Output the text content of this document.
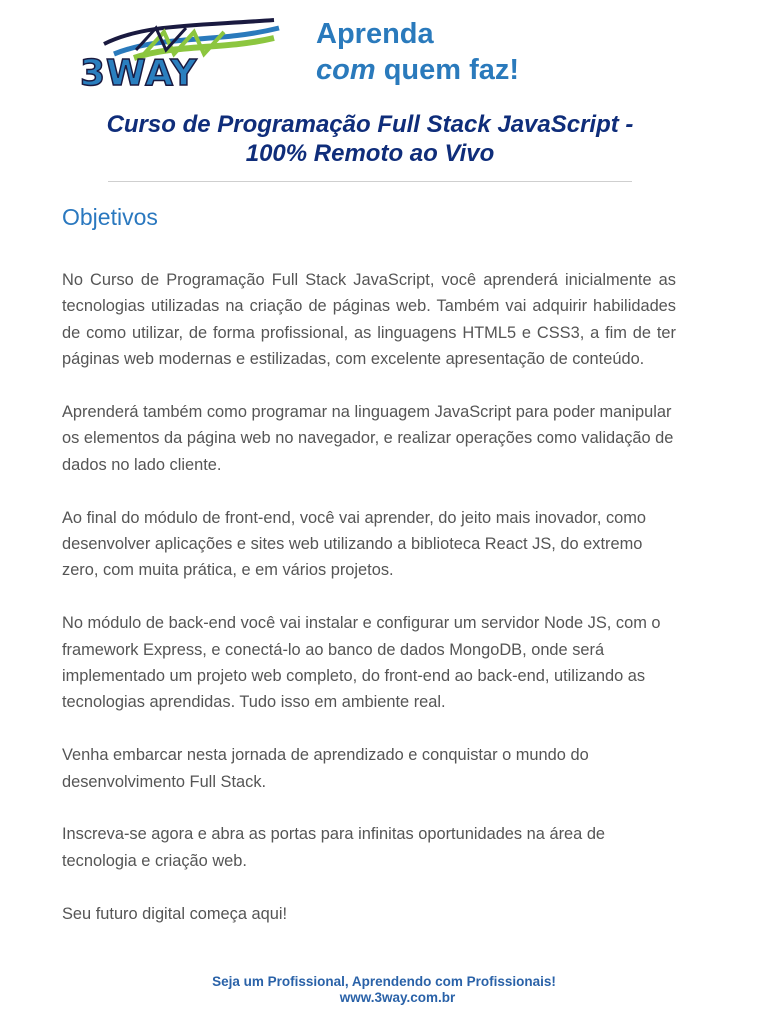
3WAY
Aprenda
com quem faz!
Curso de Programação Full Stack JavaScript -
100% Remoto ao Vivo
Objetivos

No Curso de Programação Full Stack JavaScript, você aprenderá inicialmente as tecnologias utilizadas na criação de páginas web. Também vai adquirir habilidades de como utilizar, de forma profissional, as linguagens HTML5 e CSS3, a fim de ter páginas web modernas e estilizadas, com excelente apresentação de conteúdo.

Aprenderá também como programar na linguagem JavaScript para poder manipular os elementos da página web no navegador, e realizar operações como validação de dados no lado cliente.

Ao final do módulo de front-end, você vai aprender, do jeito mais inovador, como desenvolver aplicações e sites web utilizando a biblioteca React JS, do extremo zero, com muita prática, e em vários projetos.

No módulo de back-end você vai instalar e configurar um servidor Node JS, com o framework Express, e conectá-lo ao banco de dados MongoDB, onde será implementado um projeto web completo, do front-end ao back-end, utilizando as tecnologias aprendidas. Tudo isso em ambiente real.

Venha embarcar nesta jornada de aprendizado e conquistar o mundo do desenvolvimento Full Stack.

Inscreva-se agora e abra as portas para infinitas oportunidades na área de tecnologia e criação web.

Seu futuro digital começa aqui!

Seja um Profissional, Aprendendo com Profissionais!
www.3way.com.br
